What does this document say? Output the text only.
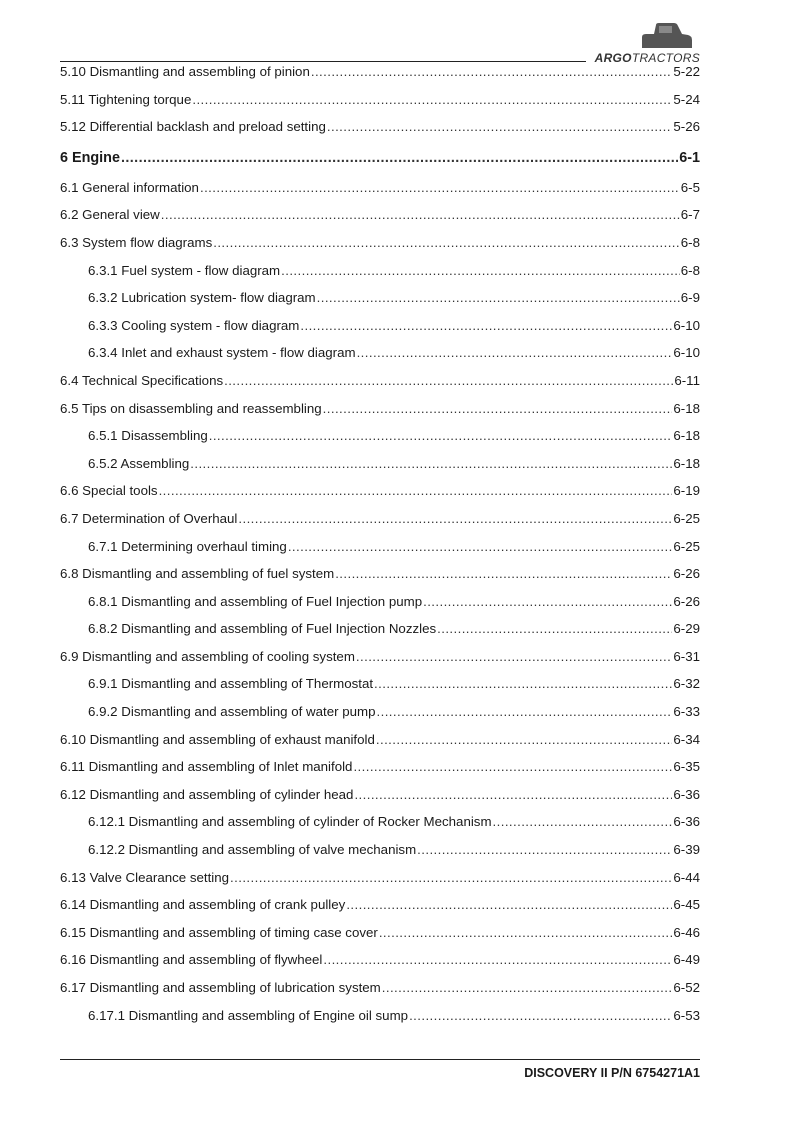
ARGOTRACTORS
5.10 Dismantling and assembling of pinion .....	5-22
5.11 Tightening torque .....	5-24
5.12 Differential backlash and preload setting .....	5-26
6 Engine .....	6-1
6.1 General information .....	6-5
6.2 General view .....	6-7
6.3 System flow diagrams .....	6-8
6.3.1 Fuel system - flow diagram .....	6-8
6.3.2 Lubrication system- flow diagram .....	6-9
6.3.3 Cooling system - flow diagram .....	6-10
6.3.4 Inlet and exhaust system - flow diagram .....	6-10
6.4 Technical Specifications .....	6-11
6.5 Tips on disassembling and reassembling .....	6-18
6.5.1 Disassembling .....	6-18
6.5.2 Assembling .....	6-18
6.6 Special tools .....	6-19
6.7 Determination of Overhaul .....	6-25
6.7.1 Determining overhaul timing .....	6-25
6.8 Dismantling and assembling of fuel system .....	6-26
6.8.1 Dismantling and assembling of Fuel Injection pump .....	6-26
6.8.2 Dismantling and assembling of Fuel Injection Nozzles .....	6-29
6.9 Dismantling and assembling of cooling system .....	6-31
6.9.1 Dismantling and assembling of Thermostat .....	6-32
6.9.2 Dismantling and assembling of water pump .....	6-33
6.10 Dismantling and assembling of exhaust manifold .....	6-34
6.11 Dismantling and assembling of Inlet manifold .....	6-35
6.12 Dismantling and assembling of cylinder head .....	6-36
6.12.1 Dismantling and assembling of cylinder of Rocker Mechanism .....	6-36
6.12.2 Dismantling and assembling of valve mechanism .....	6-39
6.13 Valve Clearance setting .....	6-44
6.14 Dismantling and assembling of crank pulley .....	6-45
6.15 Dismantling and assembling of timing case cover .....	6-46
6.16 Dismantling and assembling of flywheel .....	6-49
6.17 Dismantling and assembling of lubrication system .....	6-52
6.17.1 Dismantling and assembling of Engine oil sump .....	6-53
DISCOVERY II P/N 6754271A1
